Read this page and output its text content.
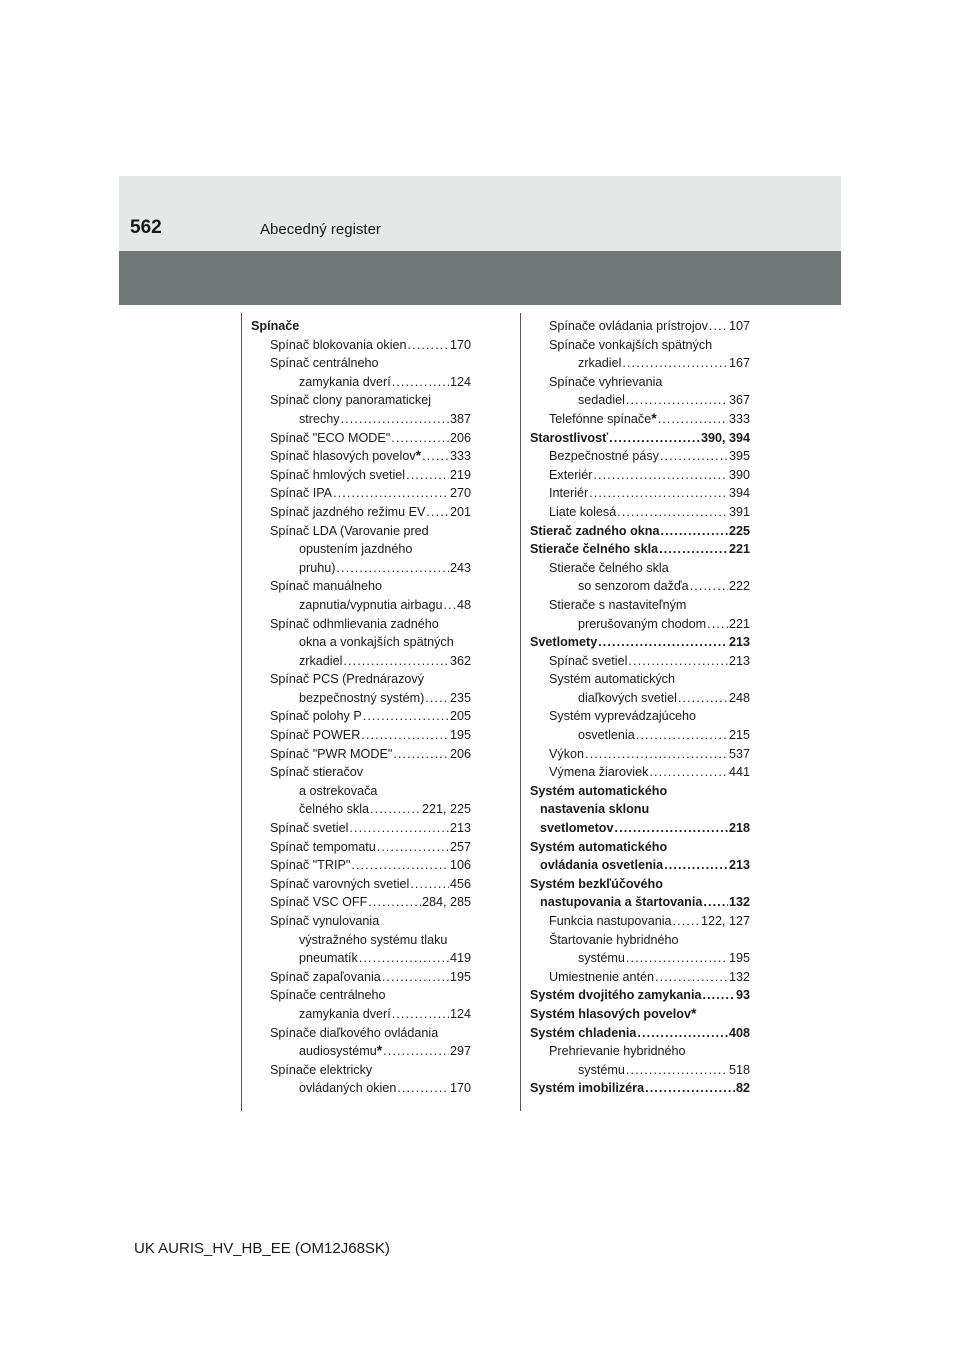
562	Abecedný register
Spínače
Spínač blokovania okien . . .	170
Spínač centrálneho
zamykania dverí . . .	124
Spínač clony panoramatickej
strechy . . .	387
Spínač "ECO MODE" . . .	206
Spínač hlasových povelov * . . . 333
Spínač hmlových svetiel . . .	219
Spínač IPA . . .	270
Spínač jazdného režimu EV . . . 201
Spínač LDA (Varovanie pred
opustením jazdného
pruhu) . . .	243
Spínač manuálneho
zapnutia/vypnutia airbagu . . . 48
Spínač odhmlievania zadného
okna a vonkajších spätných
zrkadiel . . .	362
Spínač PCS (Prednárazový
bezpečnostný systém) . . . 235
Spínač polohy P . . .	205
Spínač POWER . . .	195
Spínač "PWR MODE" . . .	206
Spínač stieračov
a ostrekovača
čelného skla . . .	221, 225
Spínač svetiel . . .	213
Spínač tempomatu . . .	257
Spínač "TRIP" . . .	106
Spínač varovných svetiel . . .	456
Spínač VSC OFF . . .	284, 285
Spínač vynulovania
výstražného systému tlaku
pneumatík . . .	419
Spínač zapaľovania . . .	195
Spínače centrálneho
zamykania dverí . . .	124
Spínače diaľkového ovládania
audiosystému * . . .	297
Spínače elektricky
ovládaných okien . . .	170
Spínače ovládania prístrojov . . . 107
Spínače vonkajších spätných
zrkadiel . . .	167
Spínače vyhrievania
sedadiel . . .	367
Telefónne spínače * . . .	333
Starostlivosť . . .	390, 394
Bezpečnostné pásy . . .	395
Exteriér . . .	390
Interiér . . .	394
Liate kolesá . . .	391
Stierač zadného okna . . .	225
Stierače čelného skla . . .	221
Stierače čelného skla
so senzorom dažďa . . .	222
Stierače s nastaviteľným
prerušovaným chodom . . . 221
Svetlomety . . .	213
Spínač svetiel . . .	213
Systém automatických
diaľkových svetiel . . .	248
Systém vyprevádzajúceho
osvetlenia . . .	215
Výkon . . .	537
Výmena žiaroviek . . .	441
Systém automatického
nastavenia sklonu
svetlometov . . .	218
Systém automatického
ovládania osvetlenia . . .	213
Systém bezkľúčového
nastupovania a štartovania . . . 132
Funkcia nastupovania . . . 122, 127
Štartovanie hybridného
systému . . .	195
Umiestnenie antén . . .	132
Systém dvojitého zamykania . . .	93
Systém hlasových povelov *
Systém chladenia . . .	408
Prehrievanie hybridného
systému . . .	518
Systém imobilizéra . . .	82
UK AURIS_HV_HB_EE (OM12J68SK)
